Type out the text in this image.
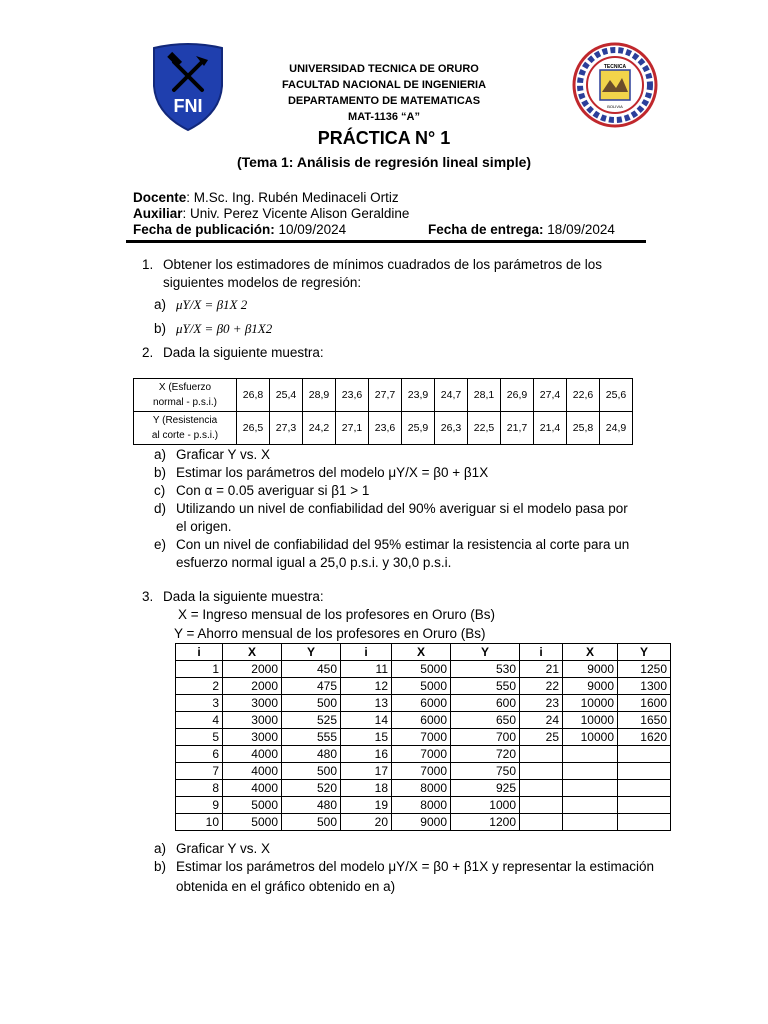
FNI
TECNICA
BOLIVIA
UNIVERSIDAD TECNICA DE ORURO
FACULTAD NACIONAL DE INGENIERIA
DEPARTAMENTO DE MATEMATICAS
MAT-1136 “A”
PRÁCTICA N° 1
(Tema 1: Análisis de regresión lineal simple)
Docente: M.Sc. Ing. Rubén Medinaceli Ortiz
Auxiliar: Univ. Perez Vicente Alison Geraldine
Fecha de publicación: 10/09/2024	Fecha de entrega: 18/09/2024
1. Obtener los estimadores de mínimos cuadrados de los parámetros de los
siguientes modelos de regresión:
a) μY/X = β1X 2
b) μY/X = β0 + β1X2
2. Dada la siguiente muestra:
X (Esfuerzo
normal - p.s.i.)	26,8	25,4	28,9	23,6	27,7	23,9	24,7	28,1	26,9	27,4	22,6	25,6
Y (Resistencia
al corte - p.s.i.)	26,5	27,3	24,2	27,1	23,6	25,9	26,3	22,5	21,7	21,4	25,8	24,9
a) Graficar Y vs. X
b) Estimar los parámetros del modelo μY/X = β0 + β1X
c) Con α = 0.05 averiguar si β1 > 1
d) Utilizando un nivel de confiabilidad del 90% averiguar si el modelo pasa por
el origen.
e) Con un nivel de confiabilidad del 95% estimar la resistencia al corte para un
esfuerzo normal igual a 25,0 p.s.i. y 30,0 p.s.i.
3. Dada la siguiente muestra:
X = Ingreso mensual de los profesores en Oruro (Bs)
Y = Ahorro mensual de los profesores en Oruro (Bs)
i	X	Y	i	X	Y	i	X	Y
1	2000	450	11	5000	530	21	9000	1250
2	2000	475	12	5000	550	22	9000	1300
3	3000	500	13	6000	600	23	10000	1600
4	3000	525	14	6000	650	24	10000	1650
5	3000	555	15	7000	700	25	10000	1620
6	4000	480	16	7000	720			
7	4000	500	17	7000	750			
8	4000	520	18	8000	925			
9	5000	480	19	8000	1000			
10	5000	500	20	9000	1200			
a) Graficar Y vs. X
b) Estimar los parámetros del modelo μY/X = β0 + β1X y representar la estimación
obtenida en el gráfico obtenido en a)
